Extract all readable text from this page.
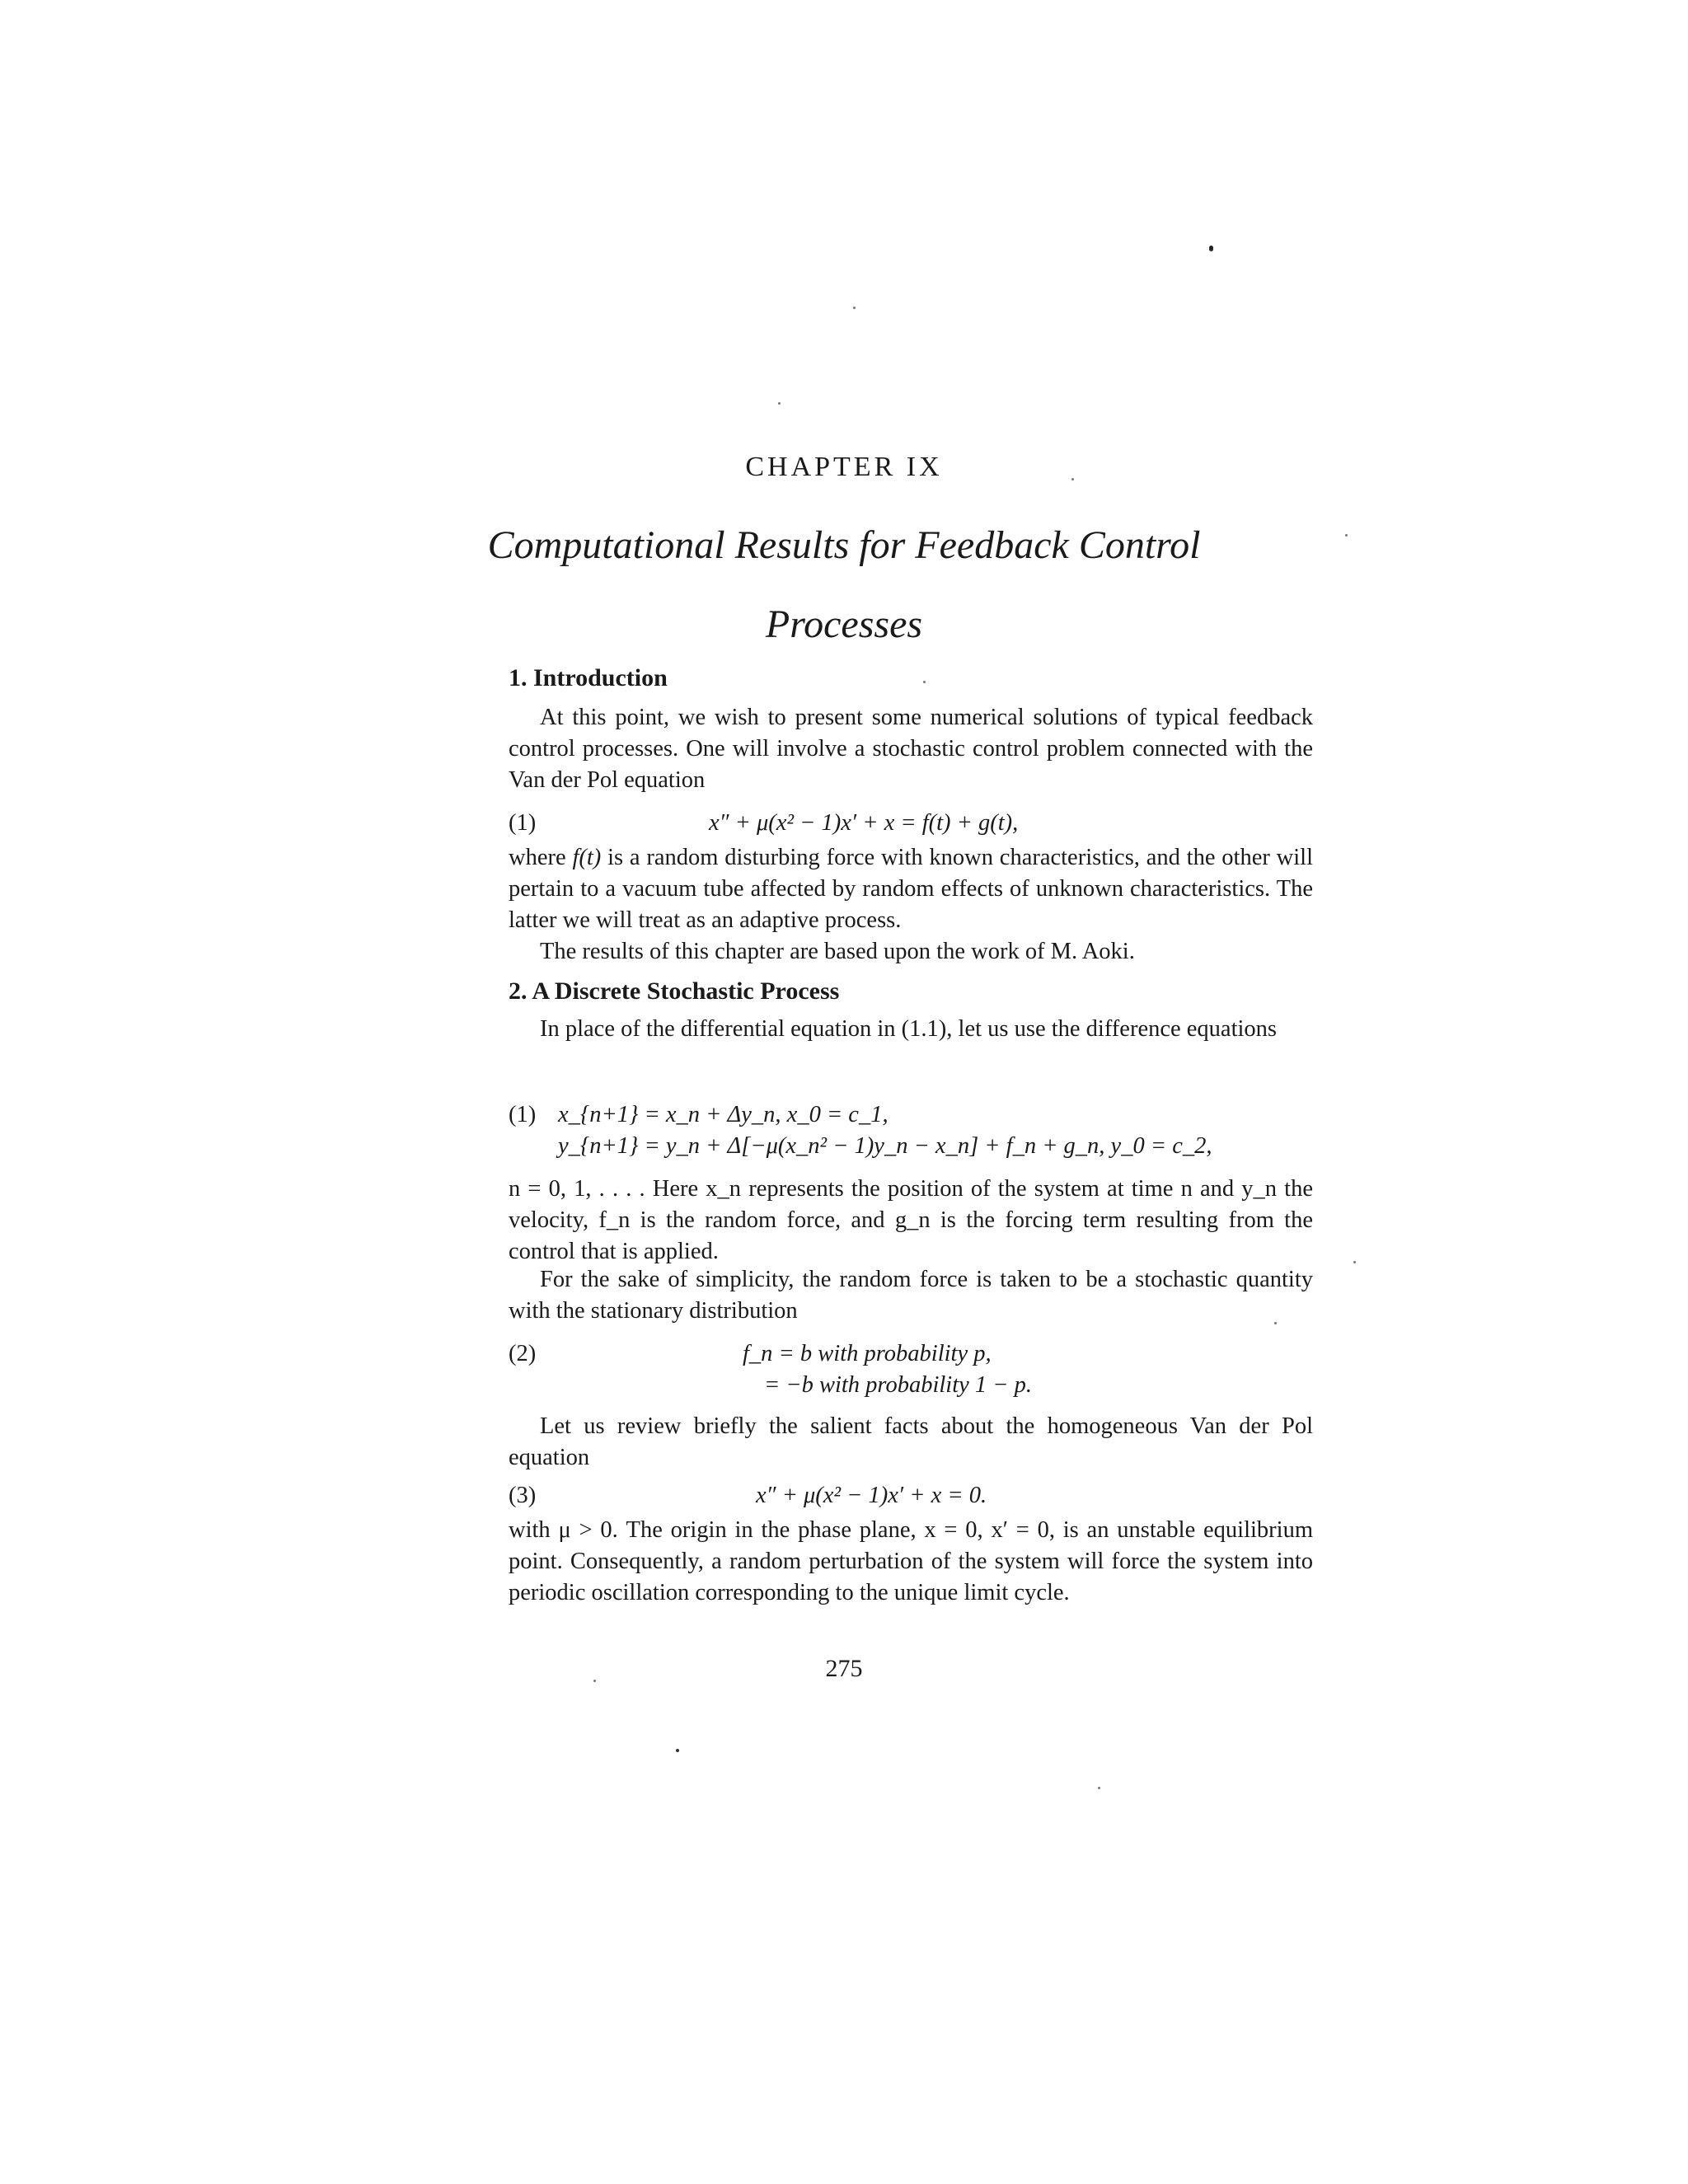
CHAPTER IX
Computational Results for Feedback Control
Processes
1. Introduction
At this point, we wish to present some numerical solutions of typical feedback control processes. One will involve a stochastic control problem connected with the Van der Pol equation
(1)	x″ + μ(x² − 1)x′ + x = f(t) + g(t),
where f(t) is a random disturbing force with known characteristics, and the other will pertain to a vacuum tube affected by random effects of unknown characteristics. The latter we will treat as an adaptive process.
The results of this chapter are based upon the work of M. Aoki.
2. A Discrete Stochastic Process
In place of the differential equation in (1.1), let us use the difference equations
(1) x_{n+1} = x_n + Δy_n, x_0 = c_1,
y_{n+1} = y_n + Δ[−μ(x_n² − 1)y_n − x_n] + f_n + g_n, y_0 = c_2,
n = 0, 1, . . . . Here x_n represents the position of the system at time n and y_n the velocity, f_n is the random force, and g_n is the forcing term resulting from the control that is applied.
For the sake of simplicity, the random force is taken to be a stochastic quantity with the stationary distribution
(2)	f_n = b with probability p,
= −b with probability 1 − p.
Let us review briefly the salient facts about the homogeneous Van der Pol equation
(3)	x″ + μ(x² − 1)x′ + x = 0.
with μ > 0. The origin in the phase plane, x = 0, x′ = 0, is an unstable equilibrium point. Consequently, a random perturbation of the system will force the system into periodic oscillation corresponding to the unique limit cycle.
275
